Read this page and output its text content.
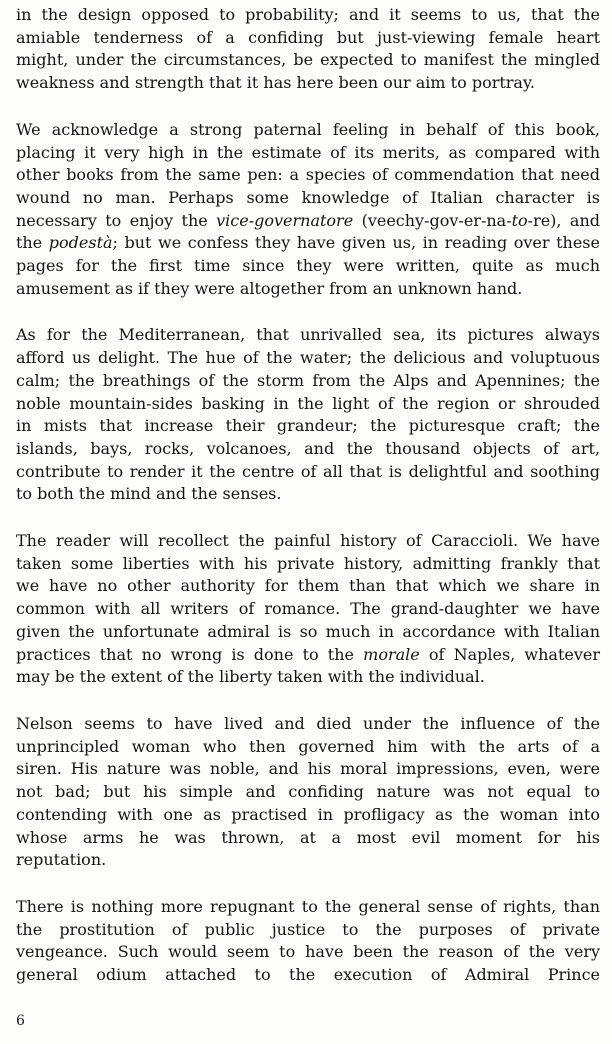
in the design opposed to probability; and it seems to us, that the
amiable tenderness of a confiding but just-viewing female heart
might, under the circumstances, be expected to manifest the mingled
weakness and strength that it has here been our aim to portray.

We acknowledge a strong paternal feeling in behalf of this book,
placing it very high in the estimate of its merits, as compared with
other books from the same pen: a species of commendation that need
wound no man. Perhaps some knowledge of Italian character is
necessary to enjoy the vice-governatore (veechy-gov-er-na-to-re), and
the podestà; but we confess they have given us, in reading over these
pages for the first time since they were written, quite as much
amusement as if they were altogether from an unknown hand.

As for the Mediterranean, that unrivalled sea, its pictures always
afford us delight. The hue of the water; the delicious and voluptuous
calm; the breathings of the storm from the Alps and Apennines; the
noble mountain-sides basking in the light of the region or shrouded
in mists that increase their grandeur; the picturesque craft; the
islands, bays, rocks, volcanoes, and the thousand objects of art,
contribute to render it the centre of all that is delightful and soothing
to both the mind and the senses.

The reader will recollect the painful history of Caraccioli. We have
taken some liberties with his private history, admitting frankly that
we have no other authority for them than that which we share in
common with all writers of romance. The grand-daughter we have
given the unfortunate admiral is so much in accordance with Italian
practices that no wrong is done to the morale of Naples, whatever
may be the extent of the liberty taken with the individual.

Nelson seems to have lived and died under the influence of the
unprincipled woman who then governed him with the arts of a
siren. His nature was noble, and his moral impressions, even, were
not bad; but his simple and confiding nature was not equal to
contending with one as practised in profligacy as the woman into
whose arms he was thrown, at a most evil moment for his
reputation.

There is nothing more repugnant to the general sense of rights, than
the prostitution of public justice to the purposes of private
vengeance. Such would seem to have been the reason of the very
general odium attached to the execution of Admiral Prince

6
